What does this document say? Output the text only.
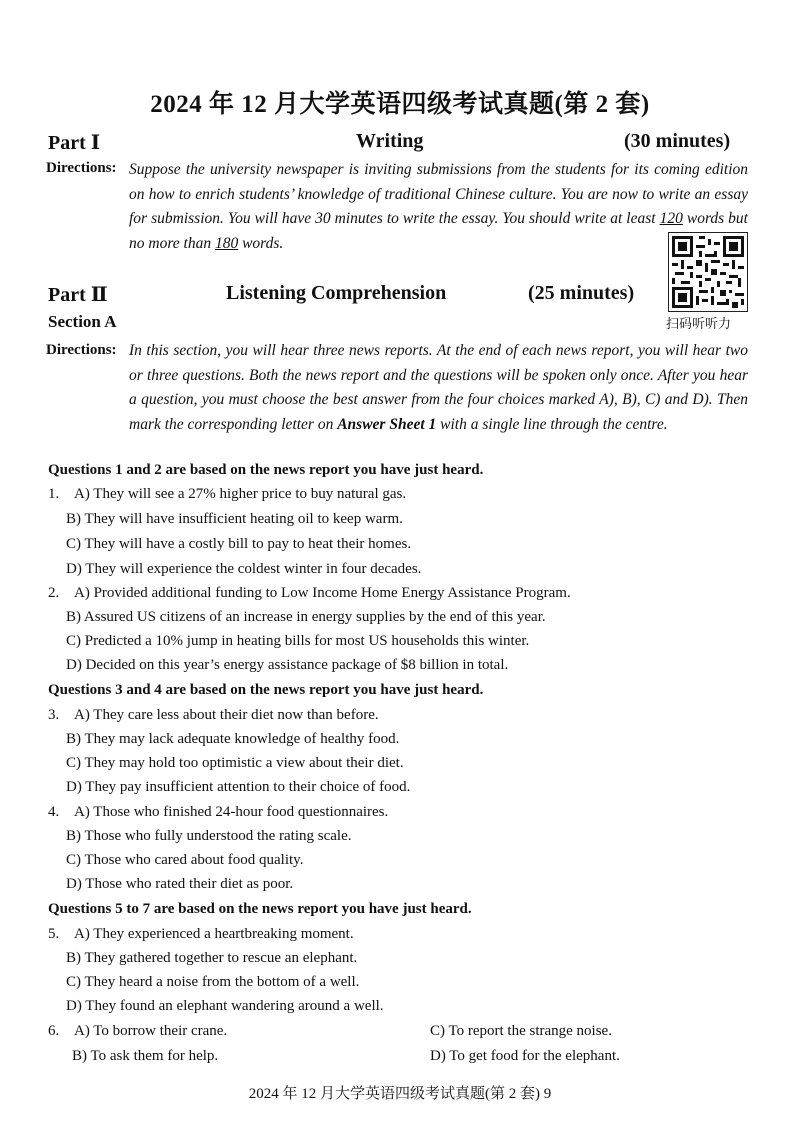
2024 年 12 月大学英语四级考试真题(第 2 套)
Part Ⅰ	Writing	(30 minutes)
Directions: Suppose the university newspaper is inviting submissions from the students for its coming edition on how to enrich students’ knowledge of traditional Chinese culture. You are now to write an essay for submission. You will have 30 minutes to write the essay. You should write at least 120 words but no more than 180 words.
扫码听听力
Part Ⅱ	Listening Comprehension	(25 minutes)
Section A
Directions: In this section, you will hear three news reports. At the end of each news report, you will hear two or three questions. Both the news report and the questions will be spoken only once. After you hear a question, you must choose the best answer from the four choices marked A), B), C) and D). Then mark the corresponding letter on Answer Sheet 1 with a single line through the centre.
Questions 1 and 2 are based on the news report you have just heard.
1. A) They will see a 27% higher price to buy natural gas.
B) They will have insufficient heating oil to keep warm.
C) They will have a costly bill to pay to heat their homes.
D) They will experience the coldest winter in four decades.
2. A) Provided additional funding to Low Income Home Energy Assistance Program.
B) Assured US citizens of an increase in energy supplies by the end of this year.
C) Predicted a 10% jump in heating bills for most US households this winter.
D) Decided on this year’s energy assistance package of $8 billion in total.
Questions 3 and 4 are based on the news report you have just heard.
3. A) They care less about their diet now than before.
B) They may lack adequate knowledge of healthy food.
C) They may hold too optimistic a view about their diet.
D) They pay insufficient attention to their choice of food.
4. A) Those who finished 24-hour food questionnaires.
B) Those who fully understood the rating scale.
C) Those who cared about food quality.
D) Those who rated their diet as poor.
Questions 5 to 7 are based on the news report you have just heard.
5. A) They experienced a heartbreaking moment.
B) They gathered together to rescue an elephant.
C) They heard a noise from the bottom of a well.
D) They found an elephant wandering around a well.
6. A) To borrow their crane.	C) To report the strange noise.
B) To ask them for help.	D) To get food for the elephant.
2024 年 12 月大学英语四级考试真题(第 2 套) 9
